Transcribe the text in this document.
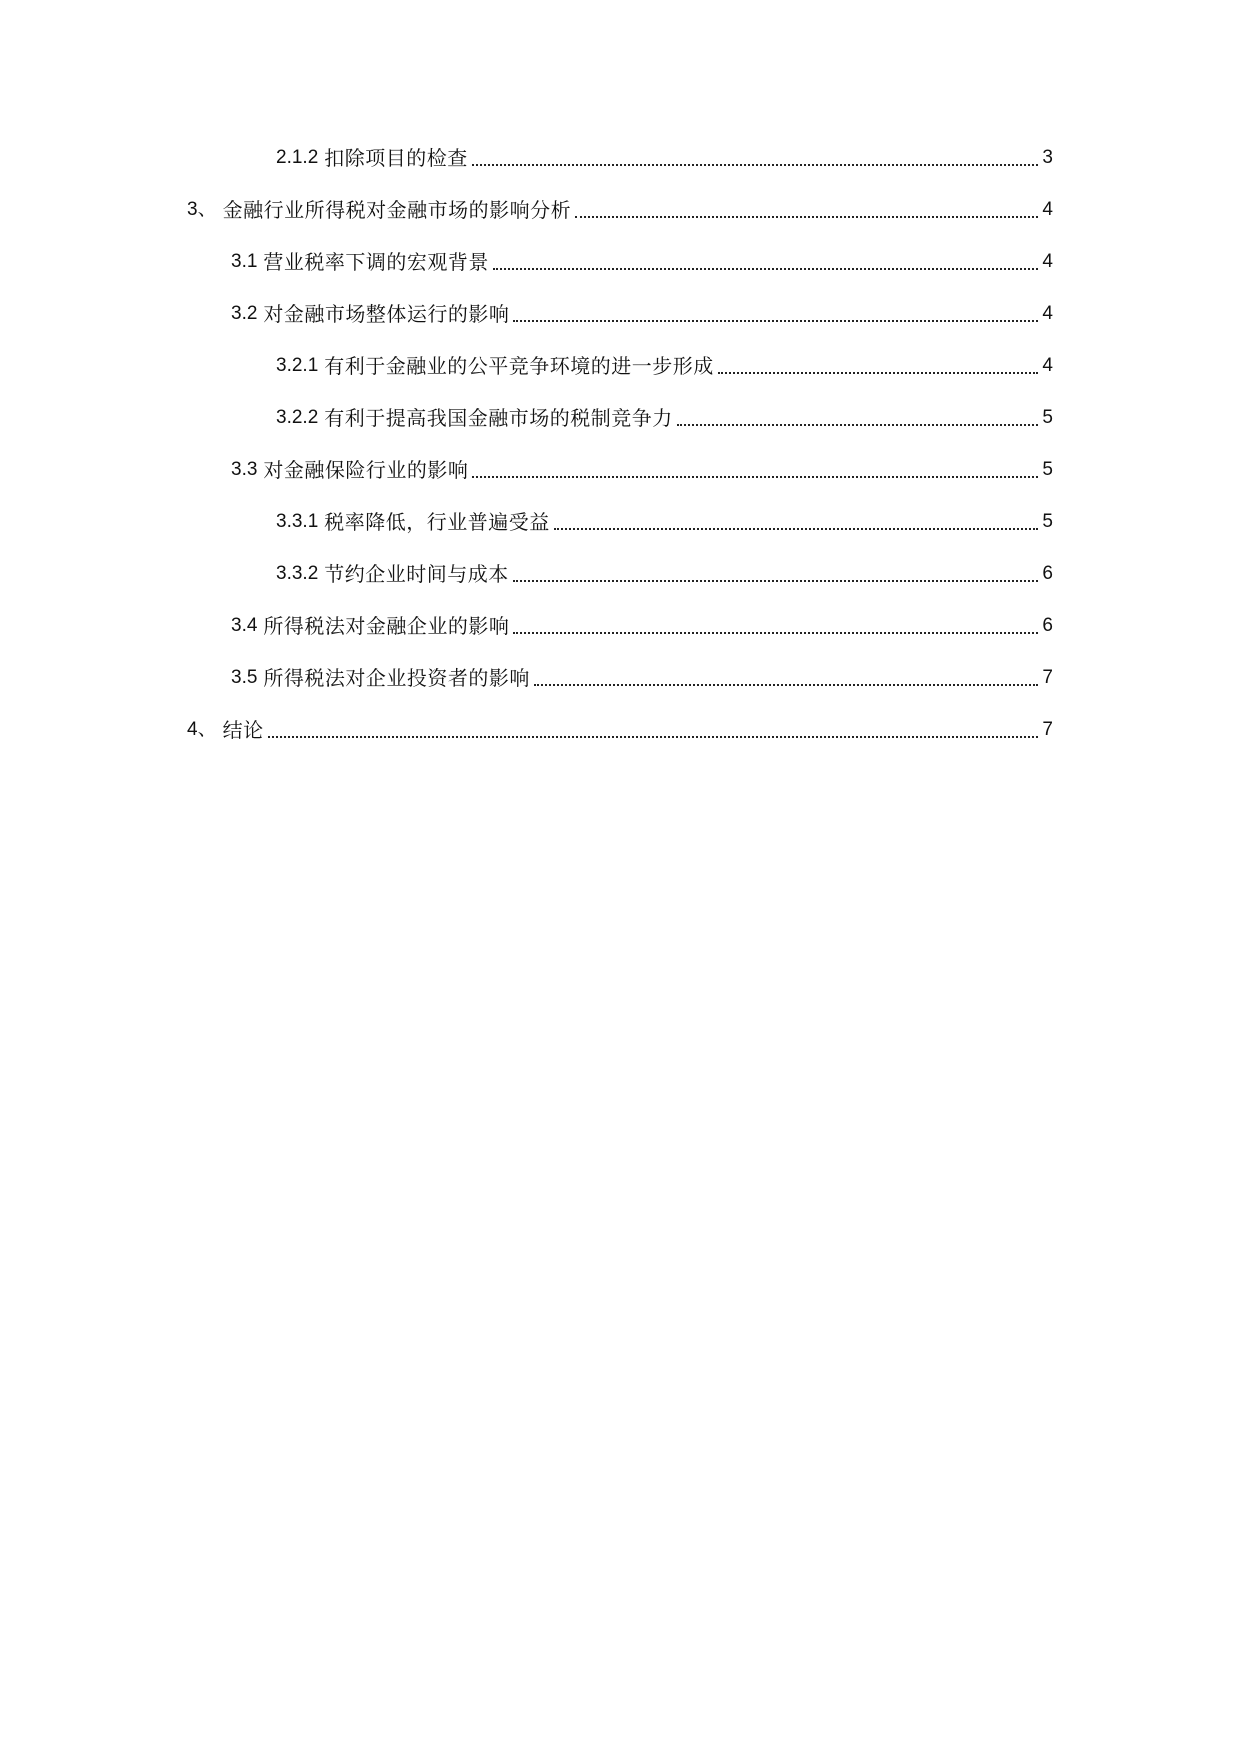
2.1.2 扣除项目的检查	3
3、 金融行业所得税对金融市场的影响分析	4
3.1 营业税率下调的宏观背景	4
3.2 对金融市场整体运行的影响	4
3.2.1 有利于金融业的公平竞争环境的进一步形成	4
3.2.2 有利于提高我国金融市场的税制竞争力	5
3.3 对金融保险行业的影响	5
3.3.1 税率降低，行业普遍受益	5
3.3.2 节约企业时间与成本	6
3.4 所得税法对金融企业的影响	6
3.5 所得税法对企业投资者的影响	7
4、 结论	7
